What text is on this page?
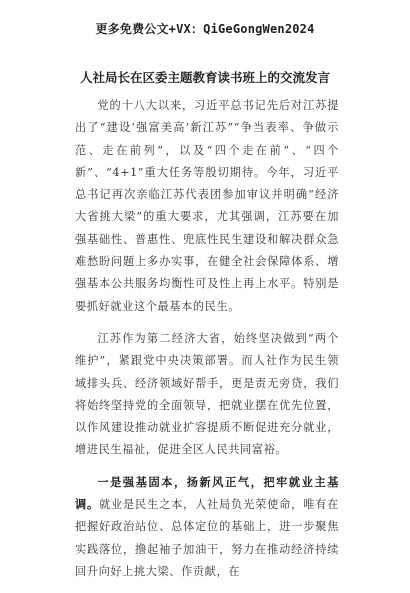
更多免费公文+VX：QiGeGongWen2024
人社局长在区委主题教育读书班上的交流发言

党的十八大以来，习近平总书记先后对江苏提出了“建设‘强富美高’新江苏”“争当表率、争做示范、走在前列”，以及“四个走在前”、“四个新”、“4+1”重大任务等殷切期待。今年，习近平总书记再次亲临江苏代表团参加审议并明确“经济大省挑大梁”的重大要求，尤其强调，江苏要在加强基础性、普惠性、兜底性民生建设和解决群众急难愁盼问题上多办实事，在健全社会保障体系、增强基本公共服务均衡性可及性上再上水平。特别是要抓好就业这个最基本的民生。

江苏作为第二经济大省，始终坚决做到“两个维护”，紧跟党中央决策部署。而人社作为民生领域排头兵、经济领域好帮手，更是责无旁贷，我们将始终坚持党的全面领导，把就业摆在优先位置，以作风建设推动就业扩容提质不断促进充分就业，增进民生福祉，促进全区人民共同富裕。

一是强基固本，扬新风正气，把牢就业主基调。就业是民生之本，人社局负光荣使命，唯有在把握好政治站位、总体定位的基础上，进一步聚焦实践落位，撸起袖子加油干，努力在推动经济持续回升向好上挑大梁、作贡献，在
